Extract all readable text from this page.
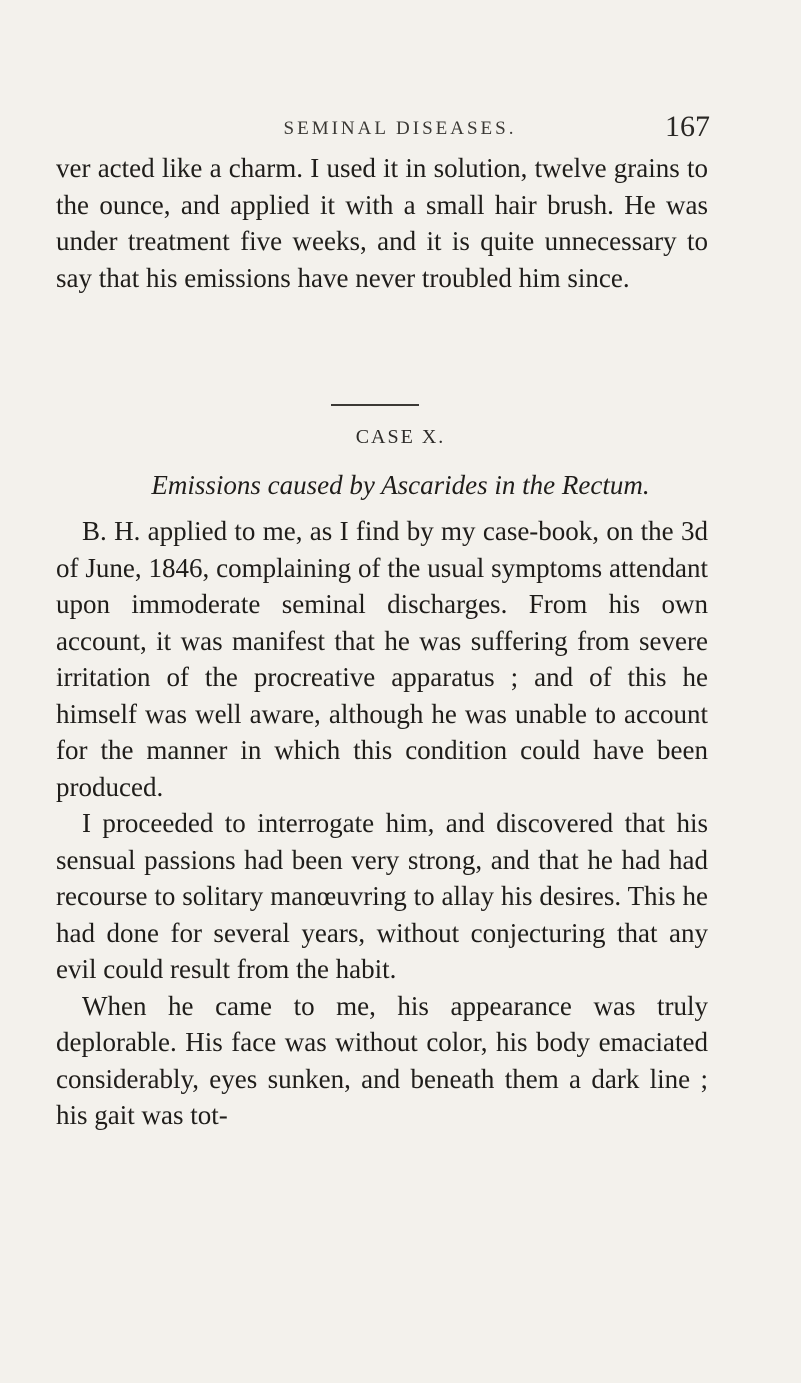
SEMINAL DISEASES.	167

ver acted like a charm. I used it in solution, twelve grains to the ounce, and applied it with a small hair brush. He was under treatment five weeks, and it is quite unnecessary to say that his emissions have never troubled him since.

CASE X.
Emissions caused by Ascarides in the Rectum.

B. H. applied to me, as I find by my case-book, on the 3d of June, 1846, complaining of the usual symptoms attendant upon immoderate seminal discharges. From his own account, it was manifest that he was suffering from severe irritation of the procreative apparatus ; and of this he himself was well aware, although he was unable to account for the manner in which this condition could have been produced.

I proceeded to interrogate him, and discovered that his sensual passions had been very strong, and that he had had recourse to solitary manœuvring to allay his desires. This he had done for several years, without conjecturing that any evil could result from the habit.

When he came to me, his appearance was truly deplorable. His face was without color, his body emaciated considerably, eyes sunken, and beneath them a dark line ; his gait was tot-
